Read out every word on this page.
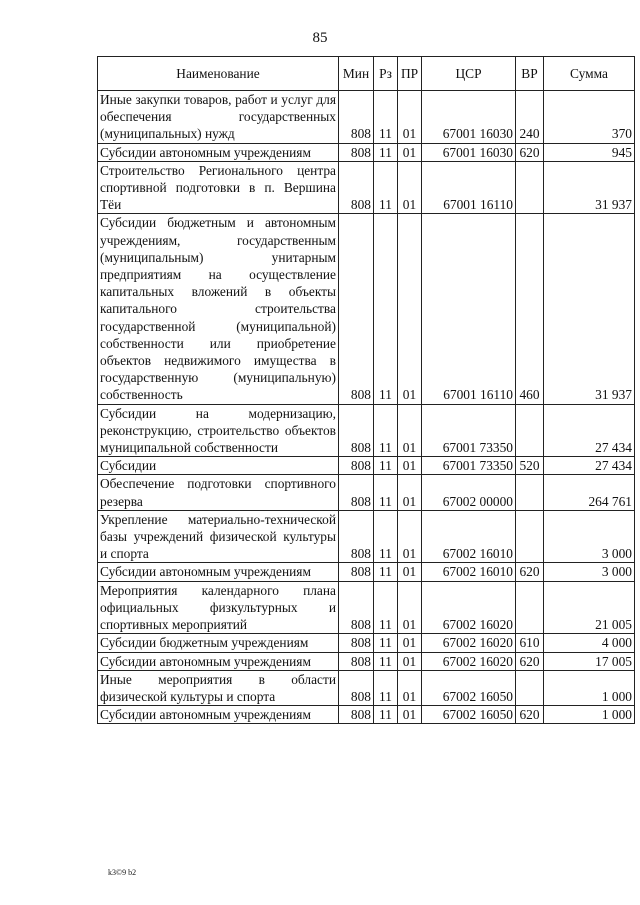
85
Наименование	Мин	Рз	ПР	ЦСР	ВР	Сумма
Иные закупки товаров, работ и услуг для обеспечения государственных (муниципальных) нужд	808	11	01	67001 16030	240	370
Субсидии автономным учреждениям	808	11	01	67001 16030	620	945
Строительство Регионального центра спортивной подготовки в п. Вершина Тёи	808	11	01	67001 16110		31 937
Субсидии бюджетным и автономным учреждениям, государственным (муниципальным) унитарным предприятиям на осуществление капитальных вложений в объекты капитального строительства государственной (муниципальной) собственности или приобретение объектов недвижимого имущества в государственную (муниципальную) собственность	808	11	01	67001 16110	460	31 937
Субсидии на модернизацию, реконструкцию, строительство объектов муниципальной собственности	808	11	01	67001 73350		27 434
Субсидии	808	11	01	67001 73350	520	27 434
Обеспечение подготовки спортивного резерва	808	11	01	67002 00000		264 761
Укрепление материально-технической базы учреждений физической культуры и спорта	808	11	01	67002 16010		3 000
Субсидии автономным учреждениям	808	11	01	67002 16010	620	3 000
Мероприятия календарного плана официальных физкультурных и спортивных мероприятий	808	11	01	67002 16020		21 005
Субсидии бюджетным учреждениям	808	11	01	67002 16020	610	4 000
Субсидии автономным учреждениям	808	11	01	67002 16020	620	17 005
Иные мероприятия в области физической культуры и спорта	808	11	01	67002 16050		1 000
Субсидии автономным учреждениям	808	11	01	67002 16050	620	1 000
k3©9 b2
